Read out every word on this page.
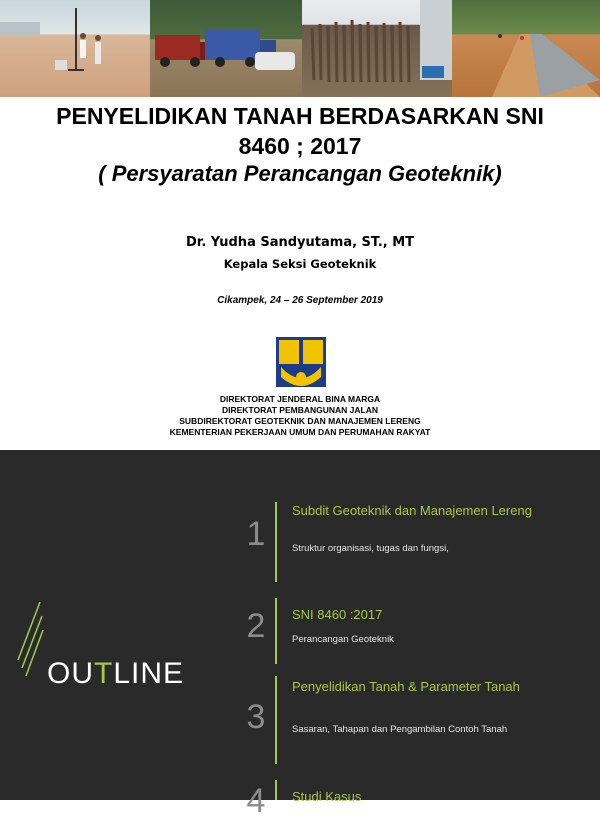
PENYELIDIKAN TANAH BERDASARKAN SNI
8460 ; 2017
( Persyaratan Perancangan Geoteknik)
Dr. Yudha Sandyutama, ST., MT
Kepala Seksi Geoteknik
Cikampek, 24 – 26 September 2019
DIREKTORAT JENDERAL BINA MARGA
DIREKTORAT PEMBANGUNAN JALAN
SUBDIREKTORAT GEOTEKNIK DAN MANAJEMEN LERENG
KEMENTERIAN PEKERJAAN UMUM DAN PERUMAHAN RAKYAT
OUTLINE
1
Subdit Geoteknik dan Manajemen Lereng
Struktur organisasi, tugas dan fungsi,
2	SNI 8460 :2017
Perancangan Geoteknik
3
Penyelidikan Tanah & Parameter Tanah
Sasaran, Tahapan dan Pengambilan Contoh Tanah
4	Studi Kasus
